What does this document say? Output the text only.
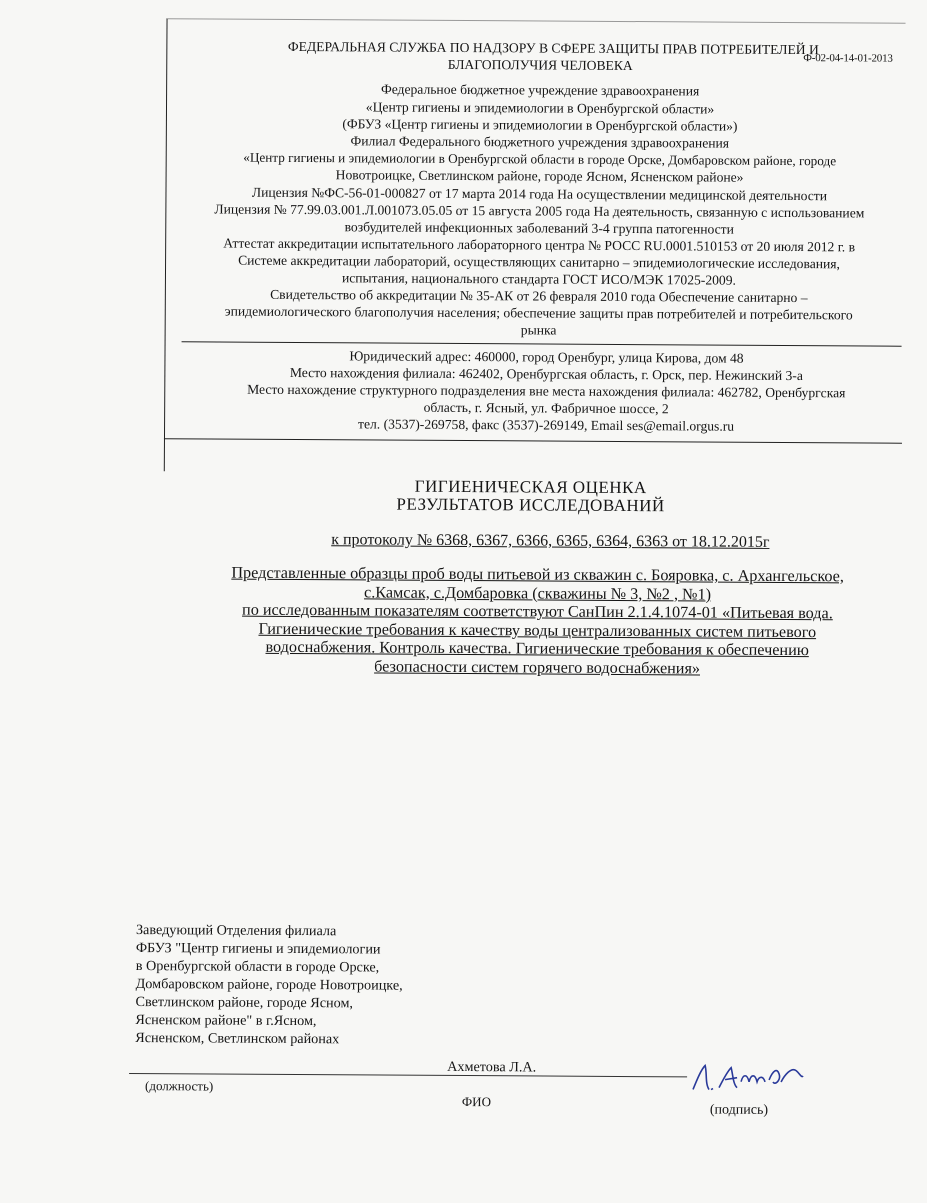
Ф-02-04-14-01-2013
ФЕДЕРАЛЬНАЯ СЛУЖБА ПО НАДЗОРУ В СФЕРЕ ЗАЩИТЫ ПРАВ ПОТРЕБИТЕЛЕЙ И
БЛАГОПОЛУЧИЯ ЧЕЛОВЕКА
Федеральное бюджетное учреждение здравоохранения
«Центр гигиены и эпидемиологии в Оренбургской области»
(ФБУЗ «Центр гигиены и эпидемиологии в Оренбургской области»)
Филиал Федерального бюджетного учреждения здравоохранения
«Центр гигиены и эпидемиологии в Оренбургской области в городе Орске, Домбаровском районе, городе
Новотроицке, Светлинском районе, городе Ясном, Ясненском районе»
Лицензия №ФС-56-01-000827 от 17 марта 2014 года На осуществлении медицинской деятельности
Лицензия № 77.99.03.001.Л.001073.05.05 от 15 августа 2005 года На деятельность, связанную с использованием
возбудителей инфекционных заболеваний 3-4 группа патогенности
Аттестат аккредитации испытательного лабораторного центра № РОСС RU.0001.510153 от 20 июля 2012 г. в
Системе аккредитации лабораторий, осуществляющих санитарно – эпидемиологические исследования,
испытания, национального стандарта ГОСТ ИСО/МЭК 17025-2009.
Свидетельство об аккредитации № 35-АК от 26 февраля 2010 года Обеспечение санитарно –
эпидемиологического благополучия населения; обеспечение защиты прав потребителей и потребительского
рынка
Юридический адрес: 460000, город Оренбург, улица Кирова, дом 48
Место нахождения филиала: 462402, Оренбургская область, г. Орск, пер. Нежинский 3-а
Место нахождение структурного подразделения вне места нахождения филиала: 462782, Оренбургская
область, г. Ясный, ул. Фабричное шоссе, 2
тел. (3537)-269758, факс (3537)-269149, Email ses@email.orgus.ru
ГИГИЕНИЧЕСКАЯ ОЦЕНКА
РЕЗУЛЬТАТОВ ИССЛЕДОВАНИЙ
к протоколу № 6368, 6367, 6366, 6365, 6364, 6363 от 18.12.2015г
Представленные образцы проб воды питьевой из скважин с. Бояровка, с. Архангельское,
с.Камсак, с.Домбаровка (скважины № 3, №2 , №1)
по исследованным показателям соответствуют СанПин 2.1.4.1074-01 «Питьевая вода.
Гигиенические требования к качеству воды централизованных систем питьевого
водоснабжения. Контроль качества. Гигиенические требования к обеспечению
безопасности систем горячего водоснабжения»
Заведующий Отделения филиала
ФБУЗ "Центр гигиены и эпидемиологии
в Оренбургской области в городе Орске,
Домбаровском районе, городе Новотроицке,
Светлинском районе, городе Ясном,
Ясненском районе" в г.Ясном,
Ясненском, Светлинском районах
Ахметова Л.А.
(должность)
ФИО
(подпись)
